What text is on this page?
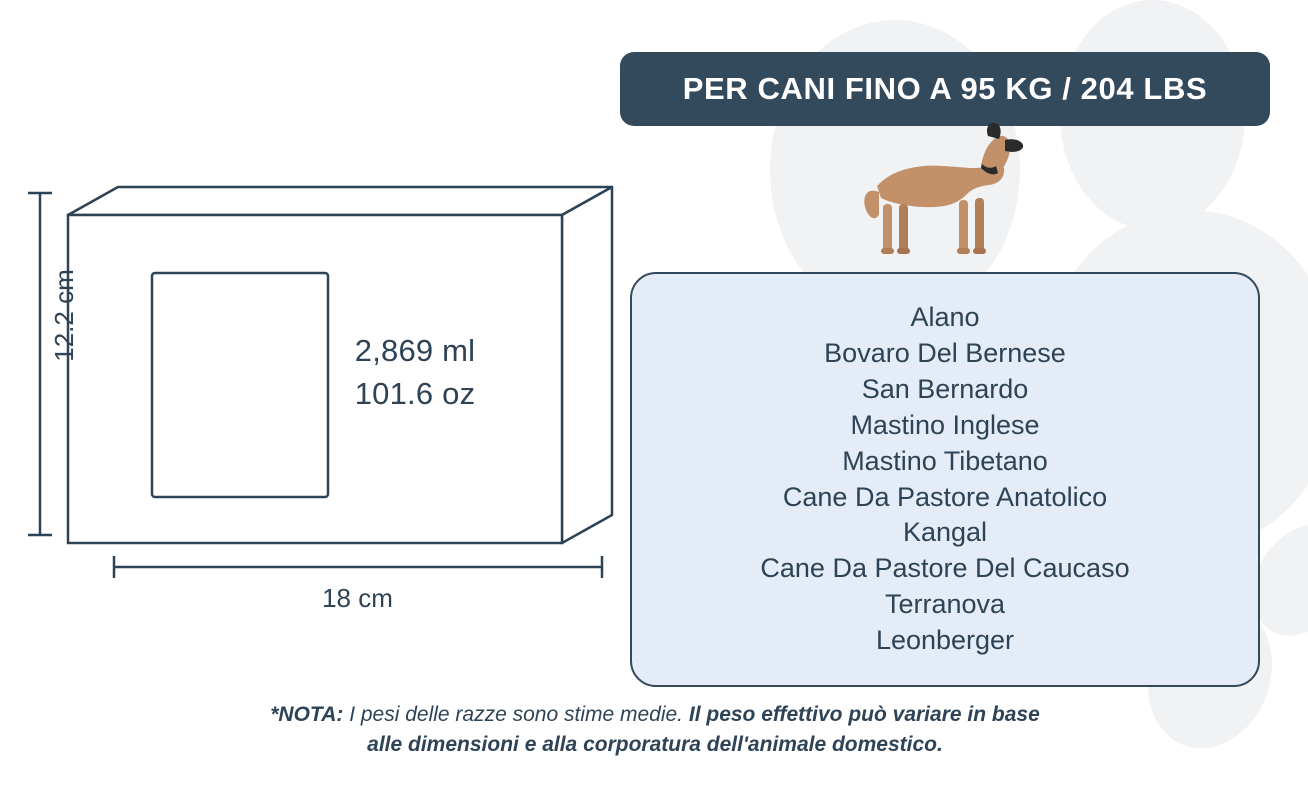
12.2 cm
18 cm
2,869 ml
101.6 oz
PER CANI FINO A 95 KG / 204 LBS
Alano
Bovaro Del Bernese
San Bernardo
Mastino Inglese
Mastino Tibetano
Cane Da Pastore Anatolico
Kangal
Cane Da Pastore Del Caucaso
Terranova
Leonberger
*NOTA: I pesi delle razze sono stime medie. Il peso effettivo può variare in base
alle dimensioni e alla corporatura dell'animale domestico.
